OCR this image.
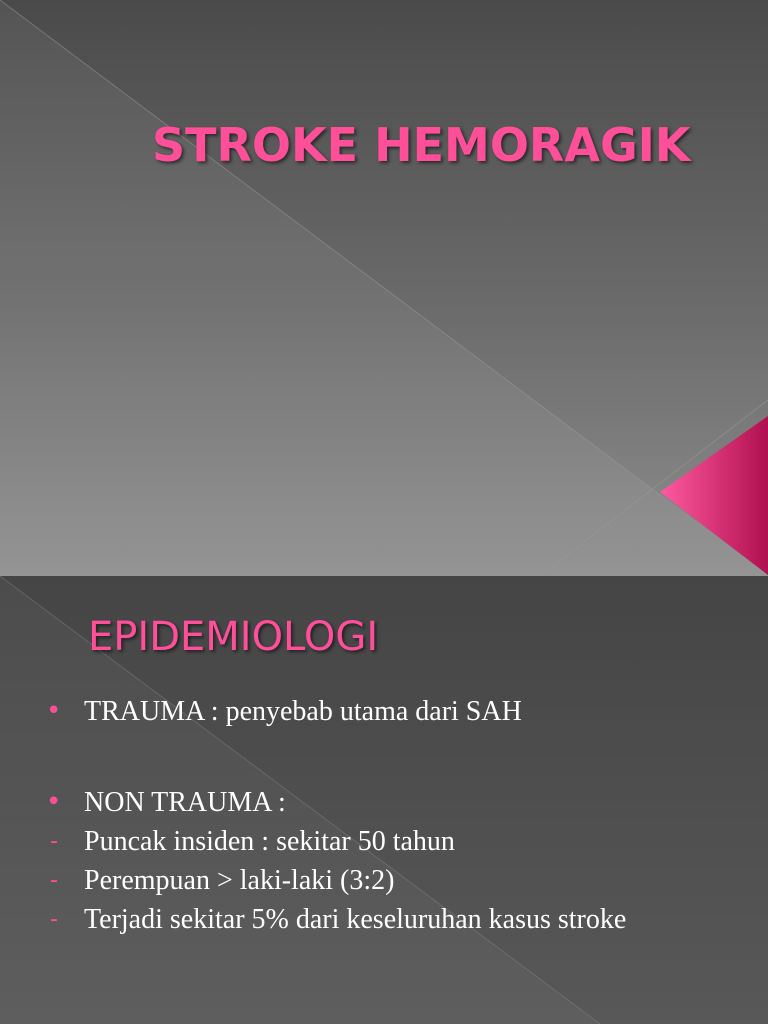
STROKE HEMORAGIK
EPIDEMIOLOGI
• TRAUMA : penyebab utama dari SAH
• NON TRAUMA :
- Puncak insiden : sekitar 50 tahun
- Perempuan > laki-laki (3:2)
- Terjadi sekitar 5% dari keseluruhan kasus stroke
